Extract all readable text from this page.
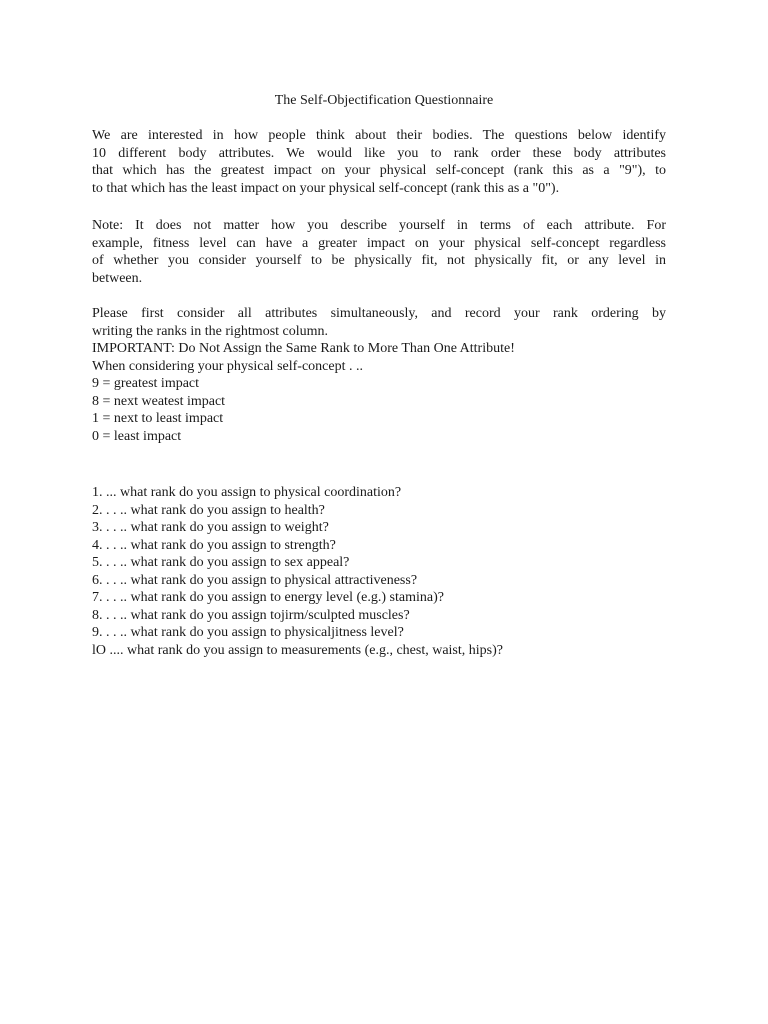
The Self-Objectification Questionnaire
We are interested in how people think about their bodies. The questions below identify
10 different body attributes. We would like you to rank order these body attributes
that which has the greatest impact on your physical self-concept (rank this as a "9"), to
to that which has the least impact on your physical self-concept (rank this as a "0").
Note: It does not matter how you describe yourself in terms of each attribute. For
example, fitness level can have a greater impact on your physical self-concept regardless
of whether you consider yourself to be physically fit, not physically fit, or any level in
between.
Please first consider all attributes simultaneously, and record your rank ordering by
writing the ranks in the rightmost column.
IMPORTANT: Do Not Assign the Same Rank to More Than One Attribute!
When considering your physical self-concept . ..
9 = greatest impact
8 = next weatest impact
1 = next to least impact
0 = least impact
1. ... what rank do you assign to physical coordination?
2. . . .. what rank do you assign to health?
3. . . .. what rank do you assign to weight?
4. . . .. what rank do you assign to strength?
5. . . .. what rank do you assign to sex appeal?
6. . . .. what rank do you assign to physical attractiveness?
7. . . .. what rank do you assign to energy level (e.g.) stamina)?
8. . . .. what rank do you assign tojirm/sculpted muscles?
9. . . .. what rank do you assign to physicaljitness level?
lO .... what rank do you assign to measurements (e.g., chest, waist, hips)?
